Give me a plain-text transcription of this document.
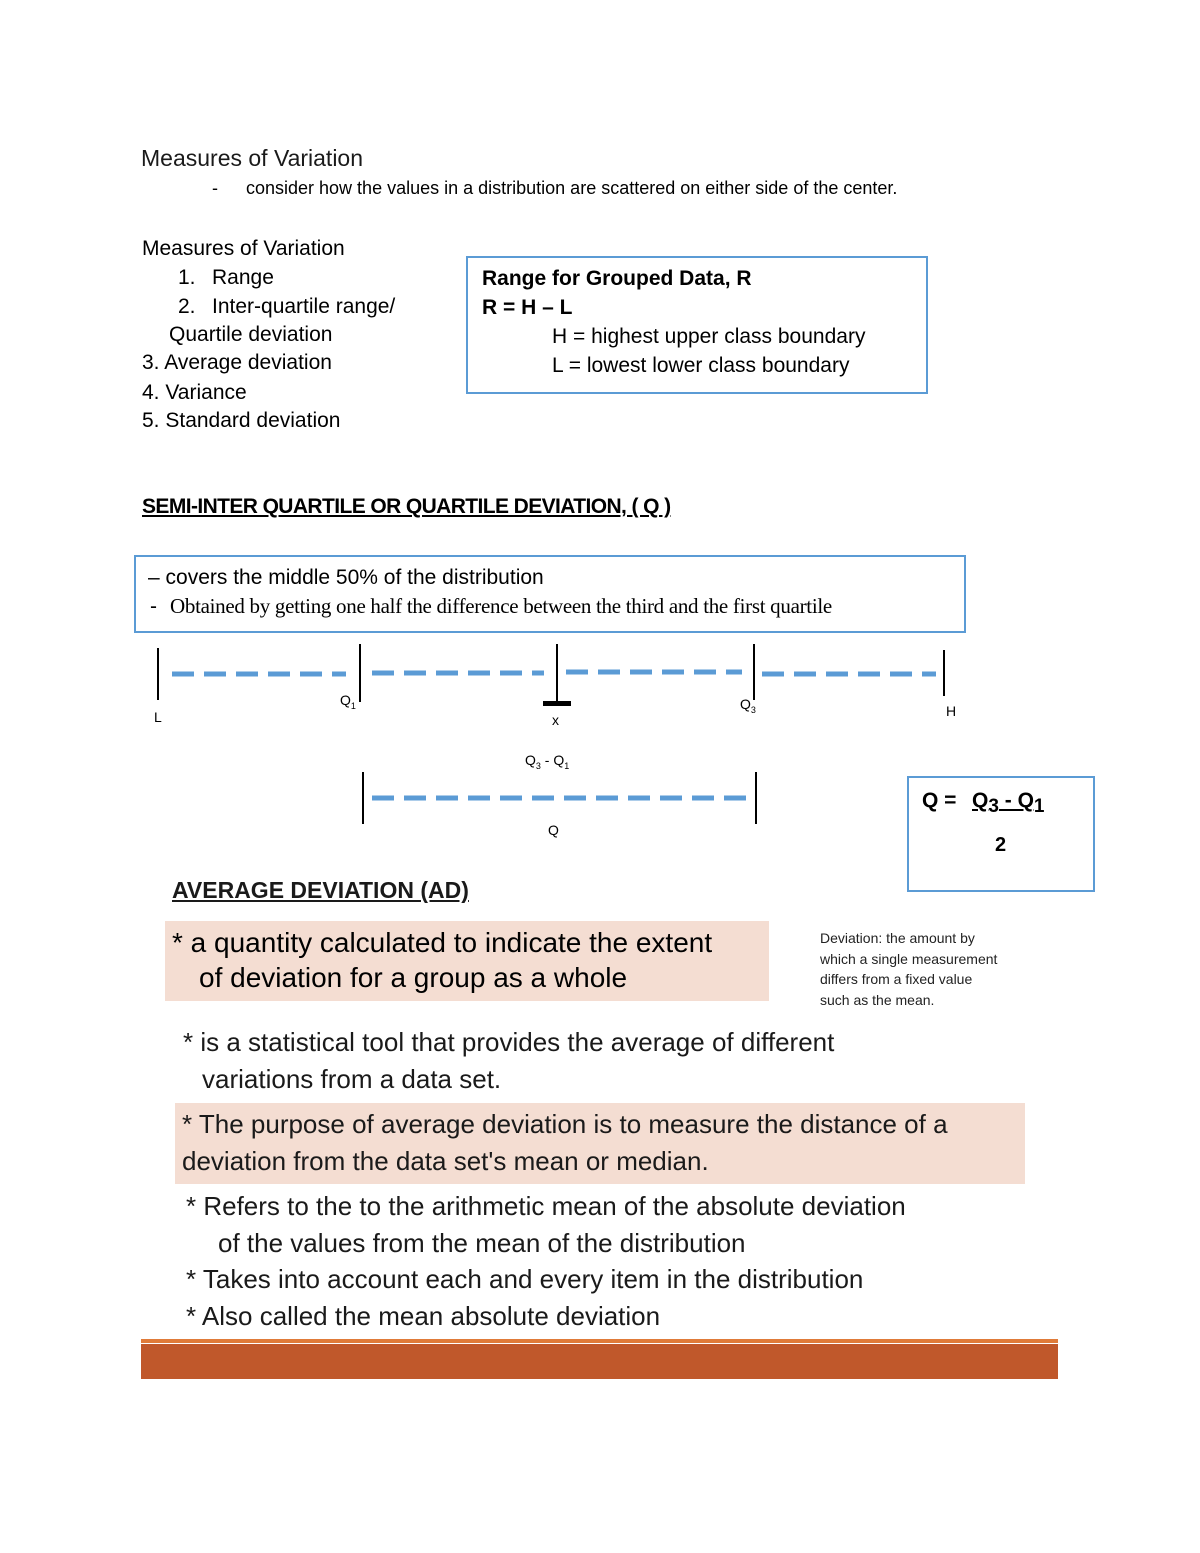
Measures of Variation
- consider how the values in a distribution are scattered on either side of the center.
Measures of Variation
1. Range
2. Inter-quartile range/
Quartile deviation
3. Average deviation
4. Variance
5. Standard deviation
Range for Grouped Data, R
R = H – L
H = highest upper class boundary
L = lowest lower class boundary
SEMI-INTER QUARTILE OR QUARTILE DEVIATION, ( Q )
– covers the middle 50% of the distribution
- Obtained by getting one half the difference between the third and the first quartile
L
$Q_1$
x
$Q_3$	H
$Q_3 - Q_1$
Q
$Q = Q_3 - Q_1$
2
AVERAGE DEVIATION (AD)
* a quantity calculated to indicate the extent
of deviation for a group as a whole
Deviation: the amount by
which a single measurement
differs from a fixed value
such as the mean.
* is a statistical tool that provides the average of different
variations from a data set.
* The purpose of average deviation is to measure the distance of a
deviation from the data set's mean or median.
* Refers to the to the arithmetic mean of the absolute deviation
of the values from the mean of the distribution
* Takes into account each and every item in the distribution
* Also called the mean absolute deviation
